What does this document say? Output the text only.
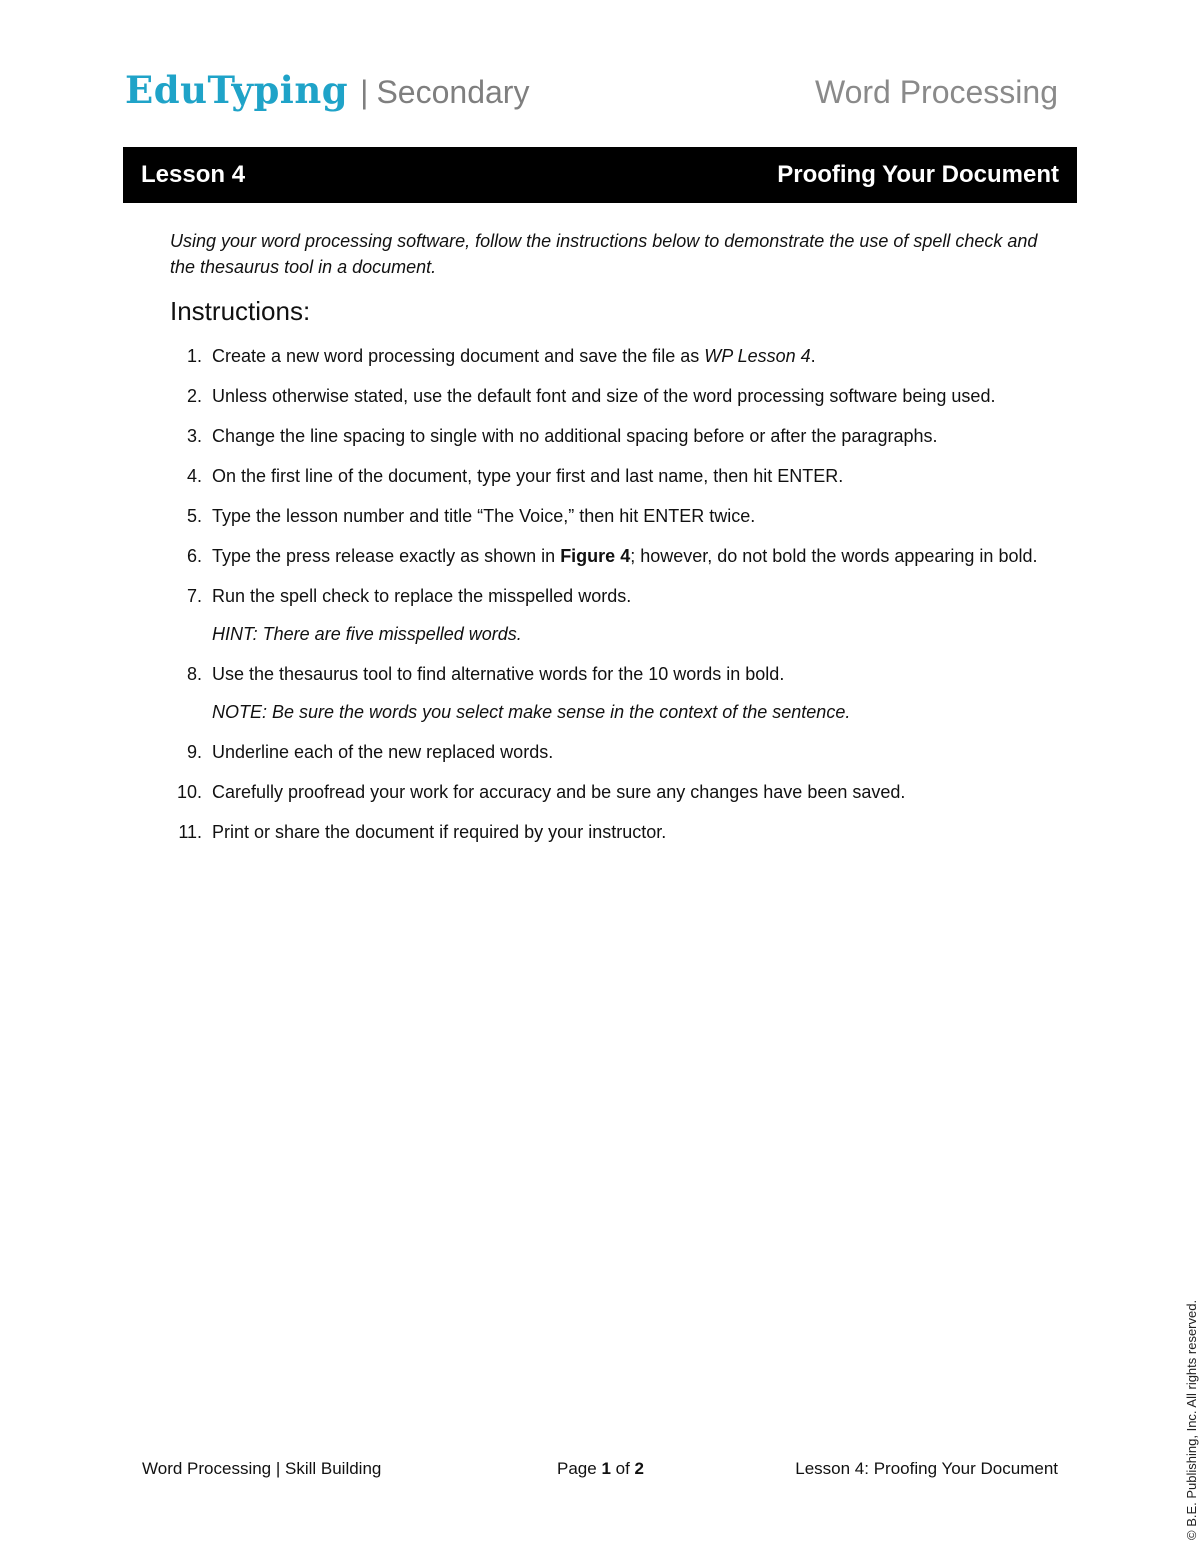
EduTyping | Secondary	Word Processing
Lesson 4	Proofing Your Document
Using your word processing software, follow the instructions below to demonstrate the use of spell check and the thesaurus tool in a document.
Instructions:
1. Create a new word processing document and save the file as WP Lesson 4.
2. Unless otherwise stated, use the default font and size of the word processing software being used.
3. Change the line spacing to single with no additional spacing before or after the paragraphs.
4. On the first line of the document, type your first and last name, then hit ENTER.
5. Type the lesson number and title “The Voice,” then hit ENTER twice.
6. Type the press release exactly as shown in Figure 4; however, do not bold the words appearing in bold.
7. Run the spell check to replace the misspelled words.
HINT: There are five misspelled words.
8. Use the thesaurus tool to find alternative words for the 10 words in bold.
NOTE: Be sure the words you select make sense in the context of the sentence.
9. Underline each of the new replaced words.
10. Carefully proofread your work for accuracy and be sure any changes have been saved.
11. Print or share the document if required by your instructor.
Word Processing | Skill Building	Page 1 of 2	Lesson 4: Proofing Your Document	© B.E. Publishing, Inc. All rights reserved.
